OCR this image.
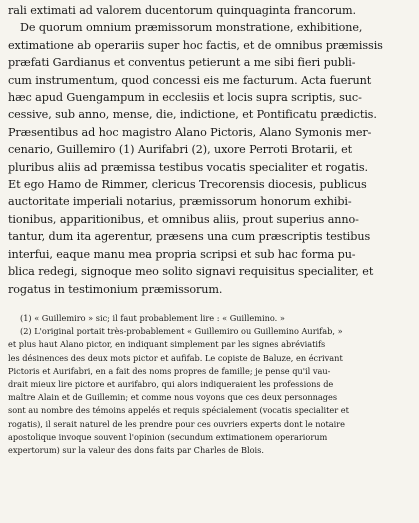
rali extimati ad valorem ducentorum quinquaginta francorum.
De quorum omnium præmissorum monstratione, exhibitione,
extimatione ab operariis super hoc factis, et de omnibus præmissis
præfati Gardianus et conventus petierunt a me sibi fieri publi-
cum instrumentum, quod concessi eis me facturum. Acta fuerunt
hæc apud Guengampum in ecclesiis et locis supra scriptis, suc-
cessive, sub anno, mense, die, indictione, et Pontificatu prædictis.
Præsentibus ad hoc magistro Alano Pictoris, Alano Symonis mer-
cenario, Guillemiro (1) Aurifabri (2), uxore Perroti Brotarii, et
pluribus aliis ad præmissa testibus vocatis specialiter et rogatis.
Et ego Hamo de Rimmer, clericus Trecorensis diocesis, publicus
auctoritate imperiali notarius, præmissorum honorum exhibi-
tionibus, apparitionibus, et omnibus aliis, prout superius anno-
tantur, dum ita agerentur, præsens una cum præscriptis testibus
interfui, eaque manu mea propria scripsi et sub hac forma pu-
blica redegi, signoque meo solito signavi requisitus specialiter, et
rogatus in testimonium præmissorum.
(1) « Guillemiro » sic; il faut probablement lire : « Guillemino. »
(2) L'original portait très-probablement « Guillemiro ou Guillemino Aurifab, »
et plus haut Alano pictor, en indiquant simplement par les signes abréviatifs
les désinences des deux mots pictor et aufifab. Le copiste de Baluze, en écrivant
Pictoris et Aurifabri, en a fait des noms propres de famille; je pense qu'il vau-
drait mieux lire pictore et aurifabro, qui alors indiqueraient les professions de
maître Alain et de Guillemin; et comme nous voyons que ces deux personnages
sont au nombre des témoins appelés et requis spécialement (vocatis specialiter et
rogatis), il serait naturel de les prendre pour ces ouvriers experts dont le notaire
apostolique invoque souvent l'opinion (secundum extimationem operariorum
expertorum) sur la valeur des dons faits par Charles de Blois.
